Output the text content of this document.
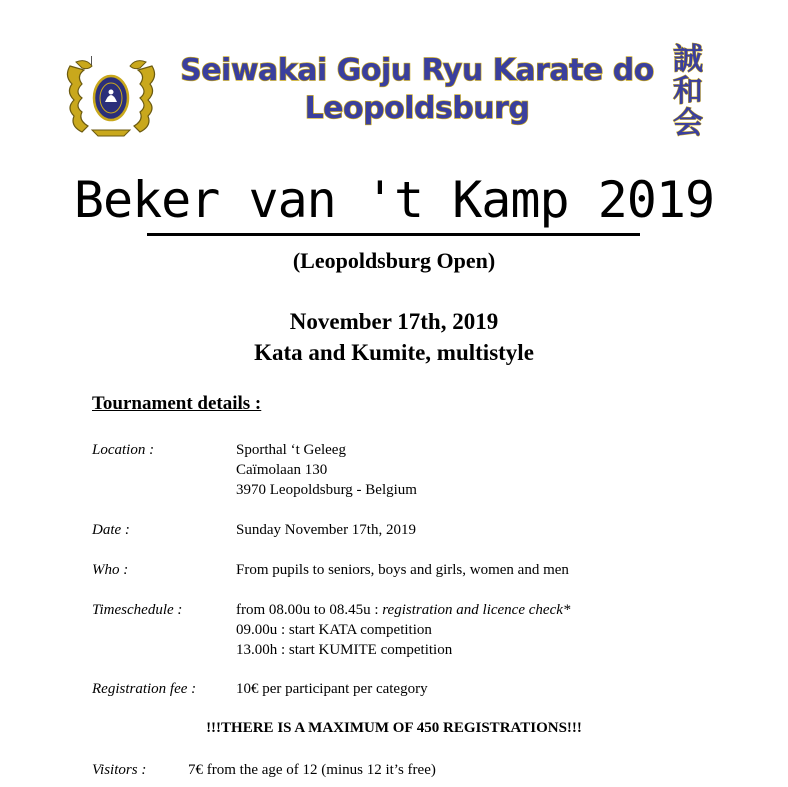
Seiwakai Goju Ryu Karate do
Leopoldsburg
誠
和
会
Beker van 't Kamp 2019
(Leopoldsburg Open)
November 17th, 2019
Kata and Kumite, multistyle
Tournament details :
Location :	Sporthal ‘t Geleeg
Caïmolaan 130
3970 Leopoldsburg - Belgium
Date :	Sunday November 17th, 2019
Who :	From pupils to seniors, boys and girls, women and men
Timeschedule :	from 08.00u to 08.45u : registration and licence check*
09.00u : start KATA competition
13.00h : start KUMITE competition
Registration fee :	10€ per participant per category
!!!THERE IS A MAXIMUM OF 450 REGISTRATIONS!!!
Visitors :	7€ from the age of 12 (minus 12 it’s free)
